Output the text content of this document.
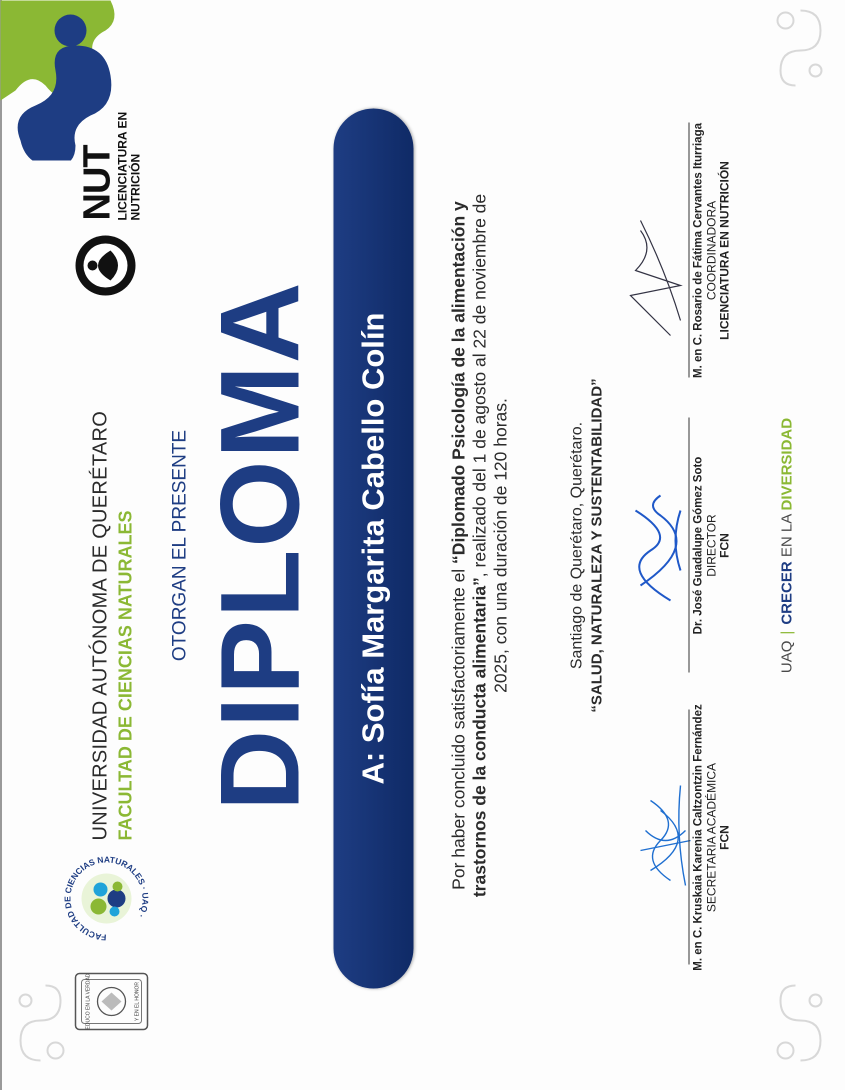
EDUCO EN LA VERDAD	Y EN EL HONOR
FACULTAD DE CIENCIAS NATURALES · UAQ ·
UNIVERSIDAD AUTÓNOMA DE QUERÉTARO FACULTAD DE CIENCIAS NATURALES OTORGAN EL PRESENTE DIPLOMA
NUT
LICENCIATURA EN NUTRICIÓN
A: Sofía Margarita Cabello Colín	Por haber concluido satisfactoriamente el “Diplomado Psicología de la alimentación y trastornos de la conducta alimentaria”, realizado del 1 de agosto al 22 de noviembre de 2025, con una duración de 120 horas.	Santiago de Querétaro, Querétaro. “SALUD, NATURALEZA Y SUSTENTABILIDAD”
M. en C. Kruskaia Karenia Caltzontzin Fernández SECRETARIA ACADÉMICA FCN
Dr. José Guadalupe Gómez Soto DIRECTOR FCN
M. en C. Rosario de Fátima Cervantes Iturriaga COORDINADORA LICENCIATURA EN NUTRICIÓN
UAQ|CRECER EN LA DIVERSIDAD
